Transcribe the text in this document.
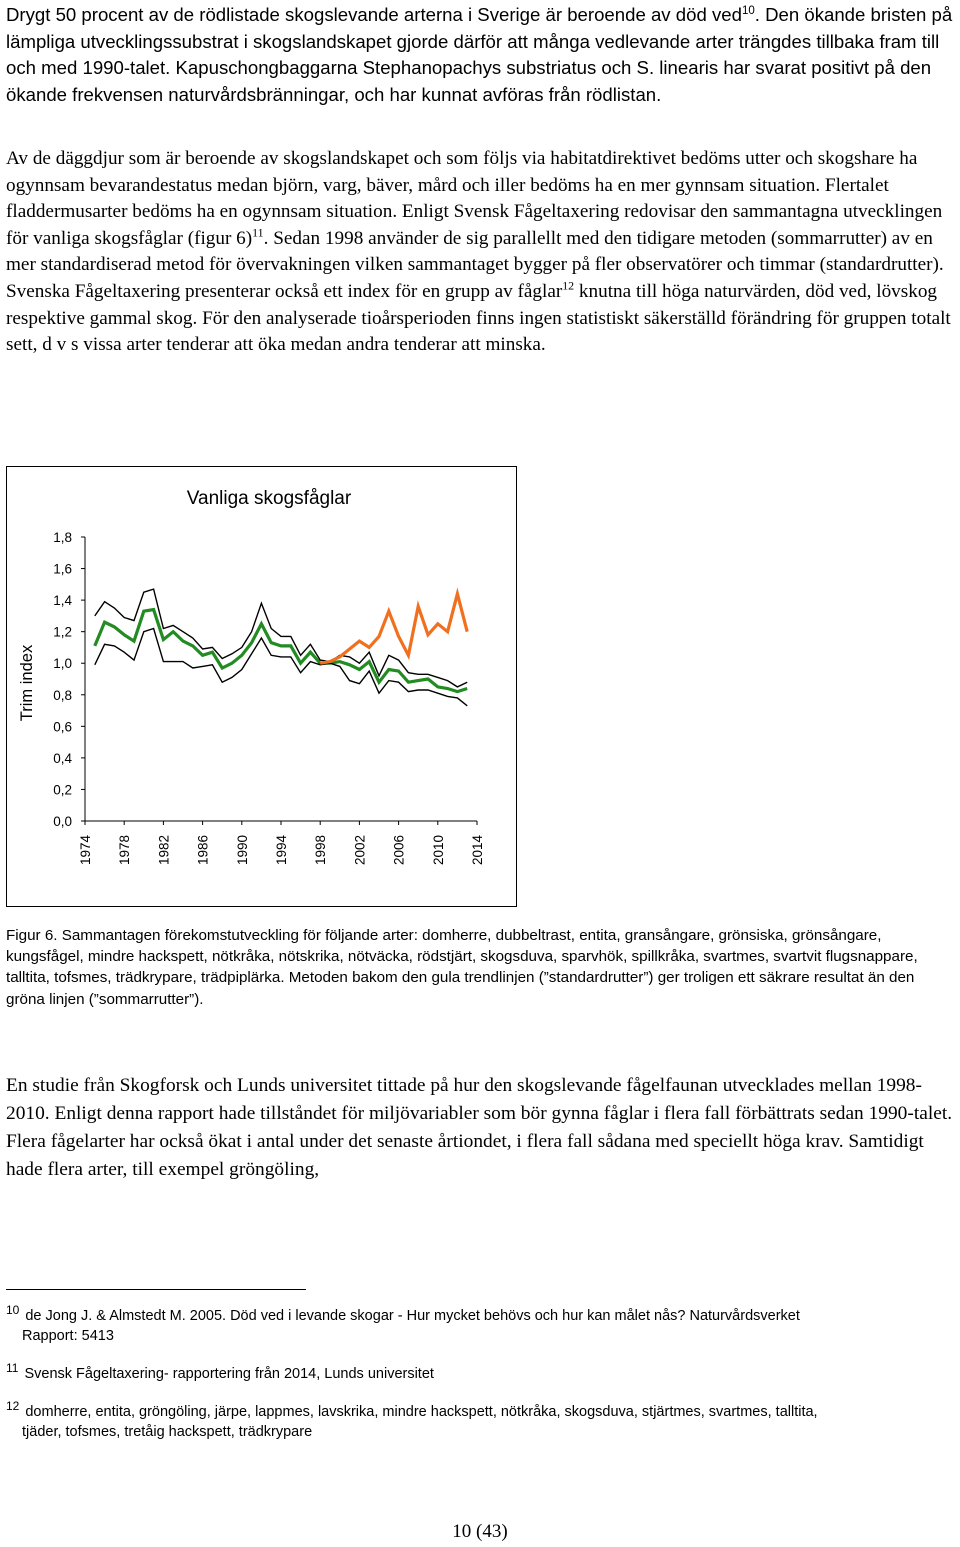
Drygt 50 procent av de rödlistade skogslevande arterna i Sverige är beroende av död ved$^{10}$. Den ökande bristen på lämpliga utvecklingssubstrat i skogslandskapet gjorde därför att många vedlevande arter trängdes tillbaka fram till och med 1990-talet. Kapuschongbaggarna Stephanopachys substriatus och S. linearis har svarat positivt på den ökande frekvensen naturvårdsbränningar, och har kunnat avföras från rödlistan.

Av de däggdjur som är beroende av skogslandskapet och som följs via habitatdirektivet bedöms utter och skogshare ha ogynnsam bevarandestatus medan björn, varg, bäver, mård och iller bedöms ha en mer gynnsam situation. Flertalet fladdermusarter bedöms ha en ogynnsam situation. Enligt Svensk Fågeltaxering redovisar den sammantagna utvecklingen för vanliga skogsfåglar (figur 6)$^{11}$. Sedan 1998 använder de sig parallellt med den tidigare metoden (sommarrutter) av en mer standardiserad metod för övervakningen vilken sammantaget bygger på fler observatörer och timmar (standardrutter). Svenska Fågeltaxering presenterar också ett index för en grupp av fåglar$^{12}$ knutna till höga naturvärden, död ved, lövskog respektive gammal skog. För den analyserade tioårsperioden finns ingen statistiskt säkerställd förändring för gruppen totalt sett, d v s vissa arter tenderar att öka medan andra tenderar att minska.

Vanliga skogsfåglar
Trim index
0,0
0,2
0,4
0,6
0,8
1,0
1,2
1,4
1,6
1,8
1974 1978 1982 1986 1990 1994 1998 2002 2006 2010 2014

Figur 6. Sammantagen förekomstutveckling för följande arter: domherre, dubbeltrast, entita, gransångare, grönsiska, grönsångare, kungsfågel, mindre hackspett, nötkråka, nötskrika, nötväcka, rödstjärt, skogsduva, sparvhök, spillkråka, svartmes, svartvit flugsnappare, talltita, tofsmes, trädkrypare, trädpiplärka. Metoden bakom den gula trendlinjen (”standardrutter”) ger troligen ett säkrare resultat än den gröna linjen (”sommarrutter”).

En studie från Skogforsk och Lunds universitet tittade på hur den skogslevande fågelfaunan utvecklades mellan 1998-2010. Enligt denna rapport hade tillståndet för miljövariabler som bör gynna fåglar i flera fall förbättrats sedan 1990-talet. Flera fågelarter har också ökat i antal under det senaste årtiondet, i flera fall sådana med speciellt höga krav. Samtidigt hade flera arter, till exempel gröngöling,

$^{10}$ de Jong J. & Almstedt M. 2005. Död ved i levande skogar - Hur mycket behövs och hur kan målet nås? Naturvårdsverket
Rapport: 5413
$^{11}$ Svensk Fågeltaxering- rapportering från 2014, Lunds universitet
$^{12}$ domherre, entita, gröngöling, järpe, lappmes, lavskrika, mindre hackspett, nötkråka, skogsduva, stjärtmes, svartmes, talltita,
tjäder, tofsmes, tretåig hackspett, trädkrypare
10 (43)
